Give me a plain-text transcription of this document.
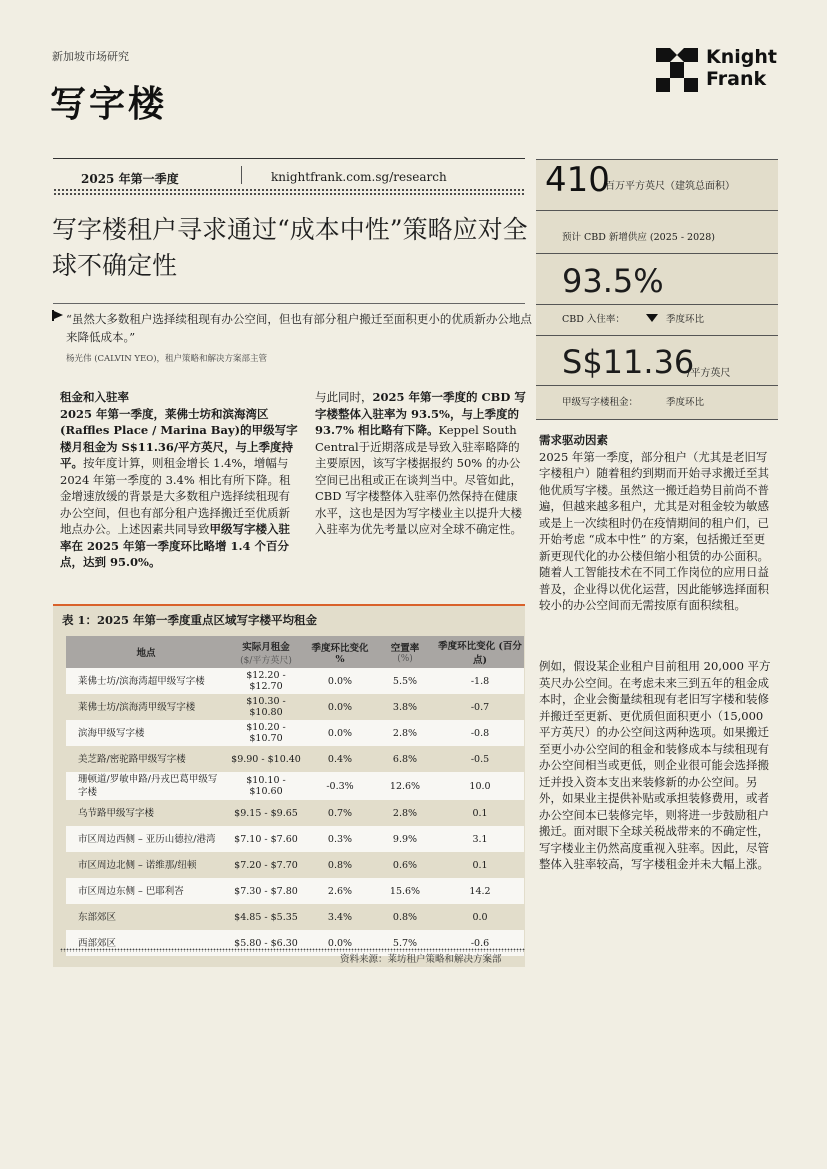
新加坡市场研究
写字楼
Knight
Frank
2025 年第一季度	knightfrank.com.sg/research
写字楼租户寻求通过“成本中性”策略应对全球不确定性
“虽然大多数租户选择续租现有办公空间，但也有部分租户搬迁至面积更小的优质新办公地点来降低成本。”
杨光伟 (CALVIN YEO)，租户策略和解决方案部主管
410
百万平方英尺（建筑总面积）
预计 CBD 新增供应 (2025 - 2028)
93.5%
CBD 入住率：	季度环比
S$11.36
/平方英尺
甲级写字楼租金：	季度环比
租金和入驻率
2025 年第一季度，莱佛士坊和滨海湾区 (Raffles Place / Marina Bay)的甲级写字楼月租金为 S$11.36/平方英尺，与上季度持平。按年度计算，则租金增长 1.4%，增幅与 2024 年第一季度的 3.4% 相比有所下降。租金增速放缓的背景是大多数租户选择续租现有办公空间，但也有部分租户选择搬迁至优质新地点办公。上述因素共同导致甲级写字楼入驻率在 2025 年第一季度环比略增 1.4 个百分点，达到 95.0%。
与此同时，2025 年第一季度的 CBD 写字楼整体入驻率为 93.5%，与上季度的 93.7% 相比略有下降。Keppel South Central于近期落成是导致入驻率略降的主要原因，该写字楼据报约 50% 的办公空间已出租或正在谈判当中。尽管如此，CBD 写字楼整体入驻率仍然保持在健康水平，这也是因为写字楼业主以提升大楼入驻率为优先考量以应对全球不确定性。
需求驱动因素
2025 年第一季度，部分租户（尤其是老旧写字楼租户）随着租约到期而开始寻求搬迁至其他优质写字楼。虽然这一搬迁趋势目前尚不普遍，但越来越多租户，尤其是对租金较为敏感或是上一次续租时仍在疫情期间的租户们，已开始考虑 “成本中性” 的方案，包括搬迁至更新更现代化的办公楼但缩小租赁的办公面积。随着人工智能技术在不同工作岗位的应用日益普及，企业得以优化运营，因此能够选择面积较小的办公空间而无需按原有面积续租。
例如，假设某企业租户目前租用 20,000 平方英尺办公空间。在考虑未来三到五年的租金成本时，企业会衡量续租现有老旧写字楼和装修并搬迁至更新、更优质但面积更小（15,000 平方英尺）的办公空间这两种选项。如果搬迁至更小办公空间的租金和装修成本与续租现有办公空间相当或更低，则企业很可能会选择搬迁并投入资本支出来装修新的办公空间。另外，如果业主提供补贴或承担装修费用，或者办公空间本已装修完毕，则将进一步鼓励租户搬迁。面对眼下全球关税战带来的不确定性，写字楼业主仍然高度重视入驻率。因此，尽管整体入驻率较高，写字楼租金并未大幅上涨。
表 1：2025 年第一季度重点区域写字楼平均租金
地点	实际月租金
($/平方英尺)	季度环比变化 %	空置率
(%)	季度环比变化 (百分点)
莱佛士坊/滨海湾超甲级写字楼	$12.20 - $12.70	0.0%	5.5%	-1.8
莱佛士坊/滨海湾甲级写字楼	$10.30 - $10.80	0.0%	3.8%	-0.7
滨海甲级写字楼	$10.20 - $10.70	0.0%	2.8%	-0.8
美芝路/密驼路甲级写字楼	$9.90 - $10.40	0.4%	6.8%	-0.5
珊顿道/罗敏申路/丹戎巴葛甲级写字楼	$10.10 - $10.60	-0.3%	12.6%	10.0
乌节路甲级写字楼	$9.15 - $9.65	0.7%	2.8%	0.1
市区周边西侧 – 亚历山德拉/港湾	$7.10 - $7.60	0.3%	9.9%	3.1
市区周边北侧 – 诺维那/纽顿	$7.20 - $7.70	0.8%	0.6%	0.1
市区周边东侧 – 巴耶利峇	$7.30 - $7.80	2.6%	15.6%	14.2
东部郊区	$4.85 - $5.35	3.4%	0.8%	0.0
西部郊区	$5.80 - $6.30	0.0%	5.7%	-0.6
资料来源：莱坊租户策略和解决方案部
